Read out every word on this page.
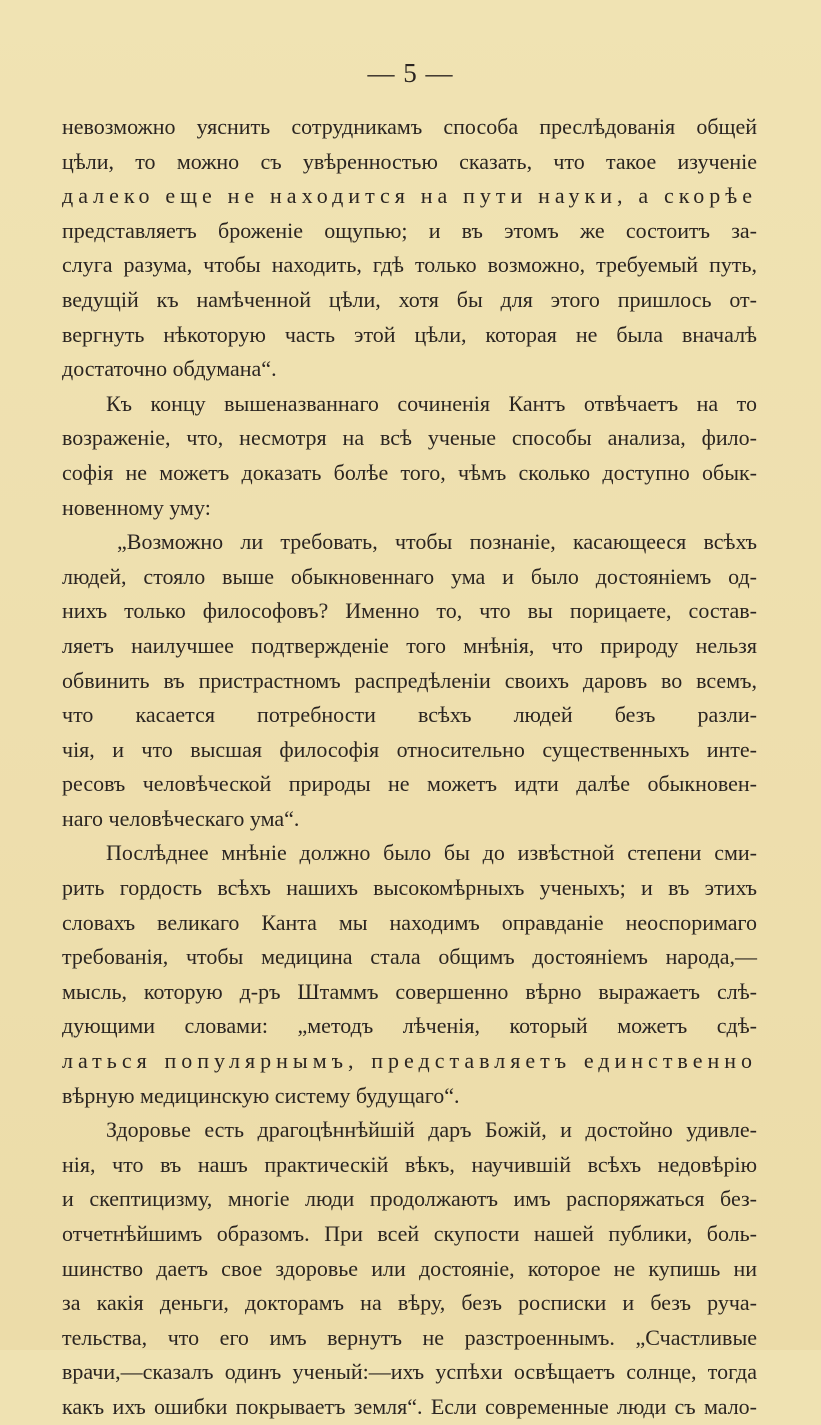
— 5 —
невозможно уяснить сотрудникамъ способа преслѣдованія общей
цѣли, то можно съ увѣренностью сказать, что такое изученіе
далеко еще не находится на пути науки, а скорѣе
представляетъ броженіе ощупью; и въ этомъ же состоитъ за-
слуга разума, чтобы находить, гдѣ только возможно, требуемый путь,
ведущій къ намѣченной цѣли, хотя бы для этого пришлось от-
вергнуть нѣкоторую часть этой цѣли, которая не была вначалѣ
достаточно обдумана“.
Къ концу вышеназваннаго сочиненія Кантъ отвѣчаетъ на то
возраженіе, что, несмотря на всѣ ученые способы анализа, фило-
софія не можетъ доказать болѣе того, чѣмъ сколько доступно обык-
новенному уму:
„Возможно ли требовать, чтобы познаніе, касающееся всѣхъ
людей, стояло выше обыкновеннаго ума и было достояніемъ од-
нихъ только философовъ? Именно то, что вы порицаете, состав-
ляетъ наилучшее подтвержденіе того мнѣнія, что природу нельзя
обвинить въ пристрастномъ распредѣленіи своихъ даровъ во всемъ,
что касается потребности всѣхъ людей безъ разли-
чія, и что высшая философія относительно существенныхъ инте-
ресовъ человѣческой природы не можетъ идти далѣе обыкновен-
наго человѣческаго ума“.
Послѣднее мнѣніе должно было бы до извѣстной степени сми-
рить гордость всѣхъ нашихъ высокомѣрныхъ ученыхъ; и въ этихъ
словахъ великаго Канта мы находимъ оправданіе неоспоримаго
требованія, чтобы медицина стала общимъ достояніемъ народа,—
мысль, которую д-ръ Штаммъ совершенно вѣрно выражаетъ слѣ-
дующими словами: „методъ лѣченія, который можетъ сдѣ-
латься популярнымъ, представляетъ единственно
вѣрную медицинскую систему будущаго“.
Здоровье есть драгоцѣннѣйшій даръ Божій, и достойно удивле-
нія, что въ нашъ практическій вѣкъ, научившій всѣхъ недовѣрію
и скептицизму, многіе люди продолжаютъ имъ распоряжаться без-
отчетнѣйшимъ образомъ. При всей скупости нашей публики, боль-
шинство даетъ свое здоровье или достояніе, которое не купишь ни
за какія деньги, докторамъ на вѣру, безъ росписки и безъ руча-
тельства, что его имъ вернутъ не разстроеннымъ. „Счастливые
врачи,—сказалъ одинъ ученый:—ихъ успѣхи освѣщаетъ солнце, тогда
какъ ихъ ошибки покрываетъ земля“. Если современные люди съ мало-
